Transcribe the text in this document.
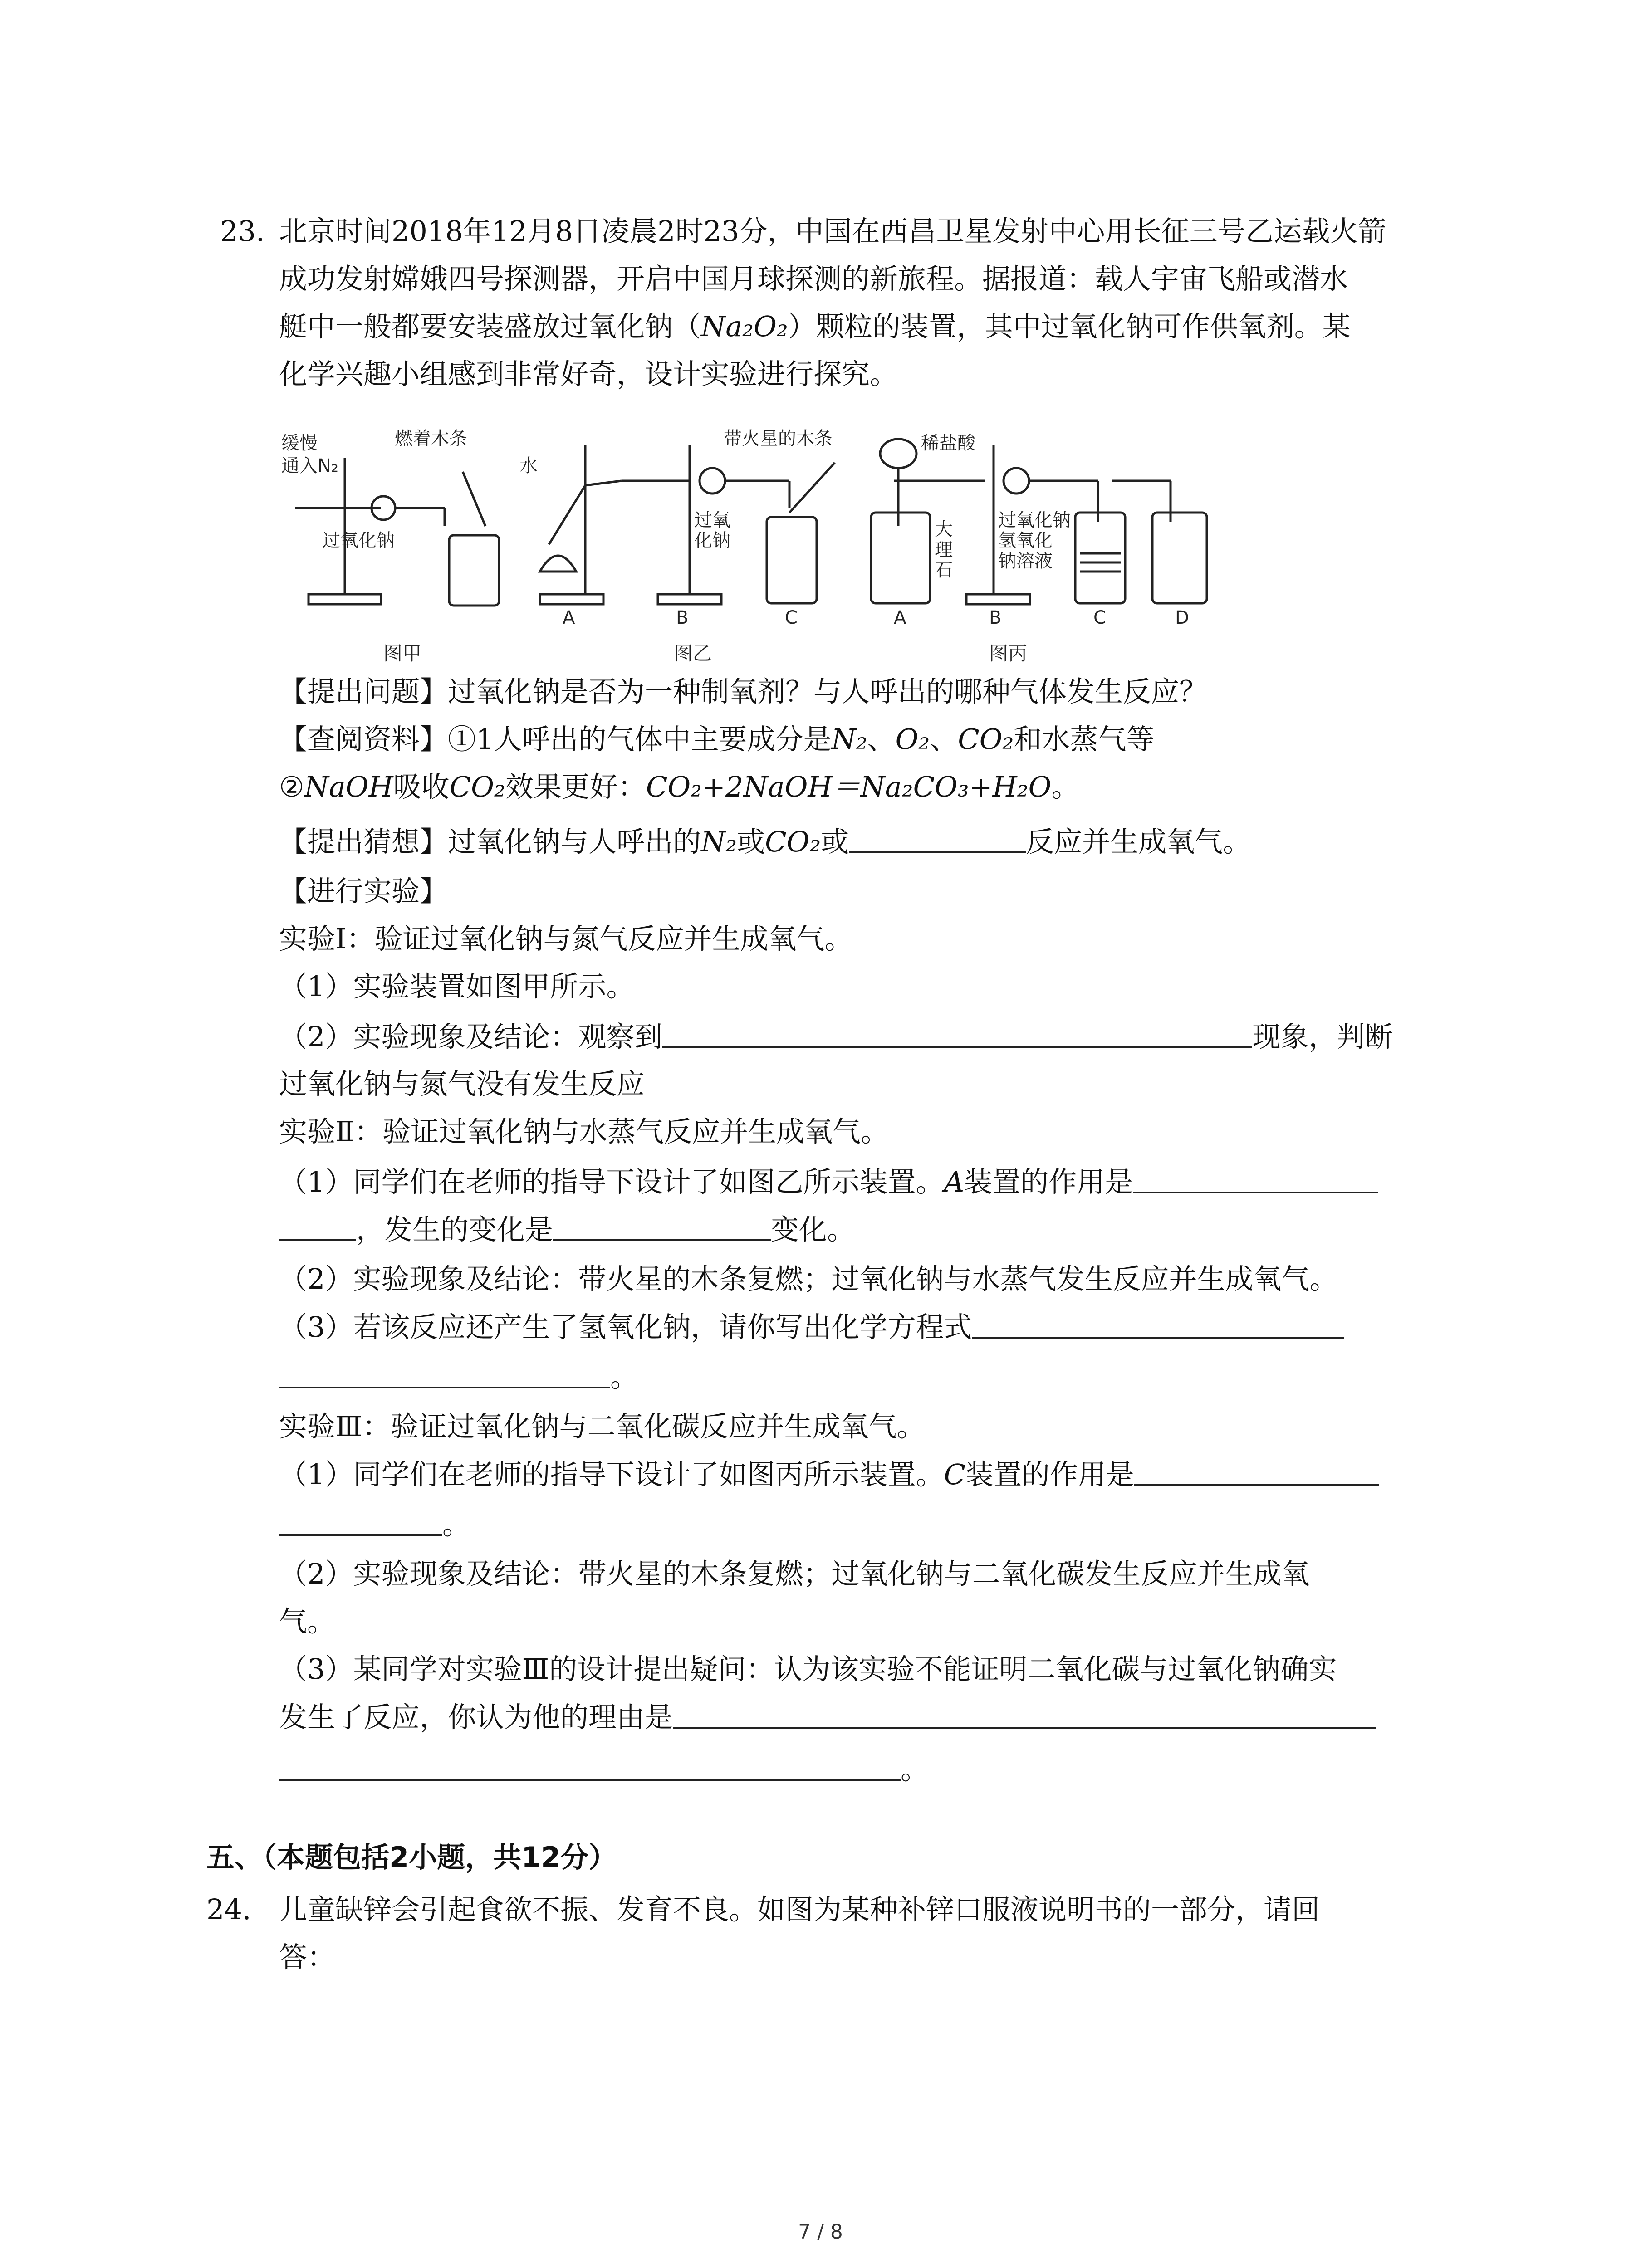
23. 北京时间2018年12月8日凌晨2时23分，中国在西昌卫星发射中心用长征三号乙运载火箭
成功发射嫦娥四号探测器，开启中国月球探测的新旅程。据报道：载人宇宙飞船或潜水
艇中一般都要安装盛放过氧化钠（Na₂O₂）颗粒的装置，其中过氧化钠可作供氧剂。某
化学兴趣小组感到非常好奇，设计实验进行探究。
缓慢
通入N₂
过氧化钠
燃着木条
水
过氧
化钠
带火星的木条	稀盐酸
大
理
石
过氧化钠
氢氧化
钠溶液
A	B	C	A	B	C	D
图甲	图乙	图丙
【提出问题】过氧化钠是否为一种制氧剂？与人呼出的哪种气体发生反应？
【查阅资料】①1人呼出的气体中主要成分是N₂、O₂、CO₂和水蒸气等
②NaOH吸收CO₂效果更好：CO₂+2NaOH＝Na₂CO₃+H₂O。
【提出猜想】过氧化钠与人呼出的N₂或CO₂或	反应并生成氧气。
【进行实验】
实验Ⅰ：验证过氧化钠与氮气反应并生成氧气。
（1）实验装置如图甲所示。
（2）实验现象及结论：观察到	现象，判断
过氧化钠与氮气没有发生反应
实验Ⅱ：验证过氧化钠与水蒸气反应并生成氧气。
（1）同学们在老师的指导下设计了如图乙所示装置。A装置的作用是
，发生的变化是	变化。
（2）实验现象及结论：带火星的木条复燃；过氧化钠与水蒸气发生反应并生成氧气。
（3）若该反应还产生了氢氧化钠，请你写出化学方程式
。
实验Ⅲ：验证过氧化钠与二氧化碳反应并生成氧气。
（1）同学们在老师的指导下设计了如图丙所示装置。C装置的作用是
。
（2）实验现象及结论：带火星的木条复燃；过氧化钠与二氧化碳发生反应并生成氧
气。
（3）某同学对实验Ⅲ的设计提出疑问：认为该实验不能证明二氧化碳与过氧化钠确实
发生了反应，你认为他的理由是
。
五、（本题包括2小题，共12分）
24. 儿童缺锌会引起食欲不振、发育不良。如图为某种补锌口服液说明书的一部分，请回
答：
7 / 8
